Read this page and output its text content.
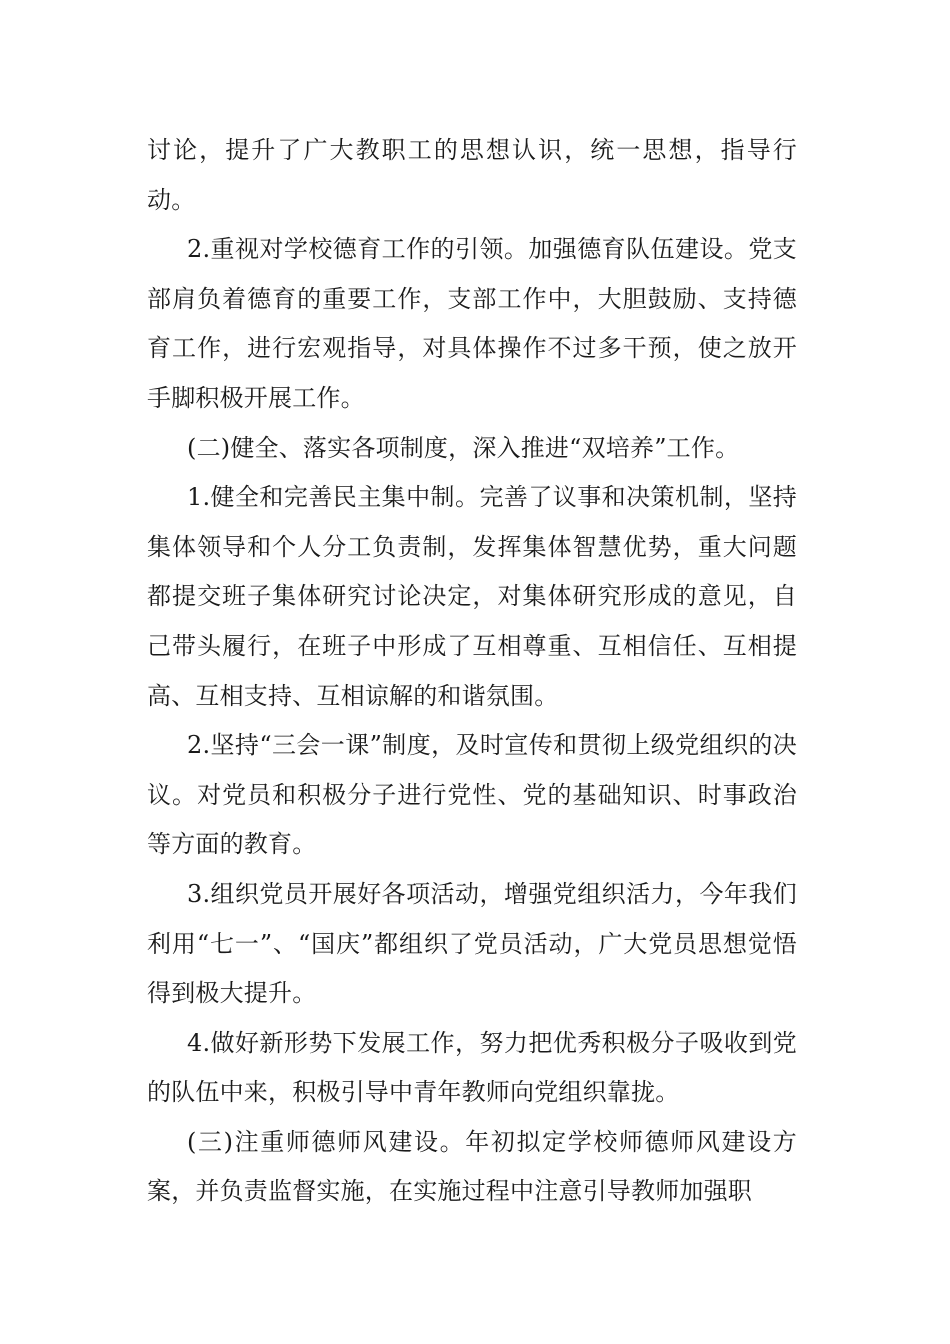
讨论，提升了广大教职工的思想认识，统一思想，指导行动。

2.重视对学校德育工作的引领。加强德育队伍建设。党支部肩负着德育的重要工作，支部工作中，大胆鼓励、支持德育工作，进行宏观指导，对具体操作不过多干预，使之放开手脚积极开展工作。

(二)健全、落实各项制度，深入推进“双培养”工作。

1.健全和完善民主集中制。完善了议事和决策机制，坚持集体领导和个人分工负责制，发挥集体智慧优势，重大问题都提交班子集体研究讨论决定，对集体研究形成的意见，自己带头履行，在班子中形成了互相尊重、互相信任、互相提高、互相支持、互相谅解的和谐氛围。

2.坚持“三会一课”制度，及时宣传和贯彻上级党组织的决议。对党员和积极分子进行党性、党的基础知识、时事政治等方面的教育。

3.组织党员开展好各项活动，增强党组织活力，今年我们利用“七一”、“国庆”都组织了党员活动，广大党员思想觉悟得到极大提升。

4.做好新形势下发展工作，努力把优秀积极分子吸收到党的队伍中来，积极引导中青年教师向党组织靠拢。

(三)注重师德师风建设。年初拟定学校师德师风建设方案，并负责监督实施，在实施过程中注意引导教师加强职
